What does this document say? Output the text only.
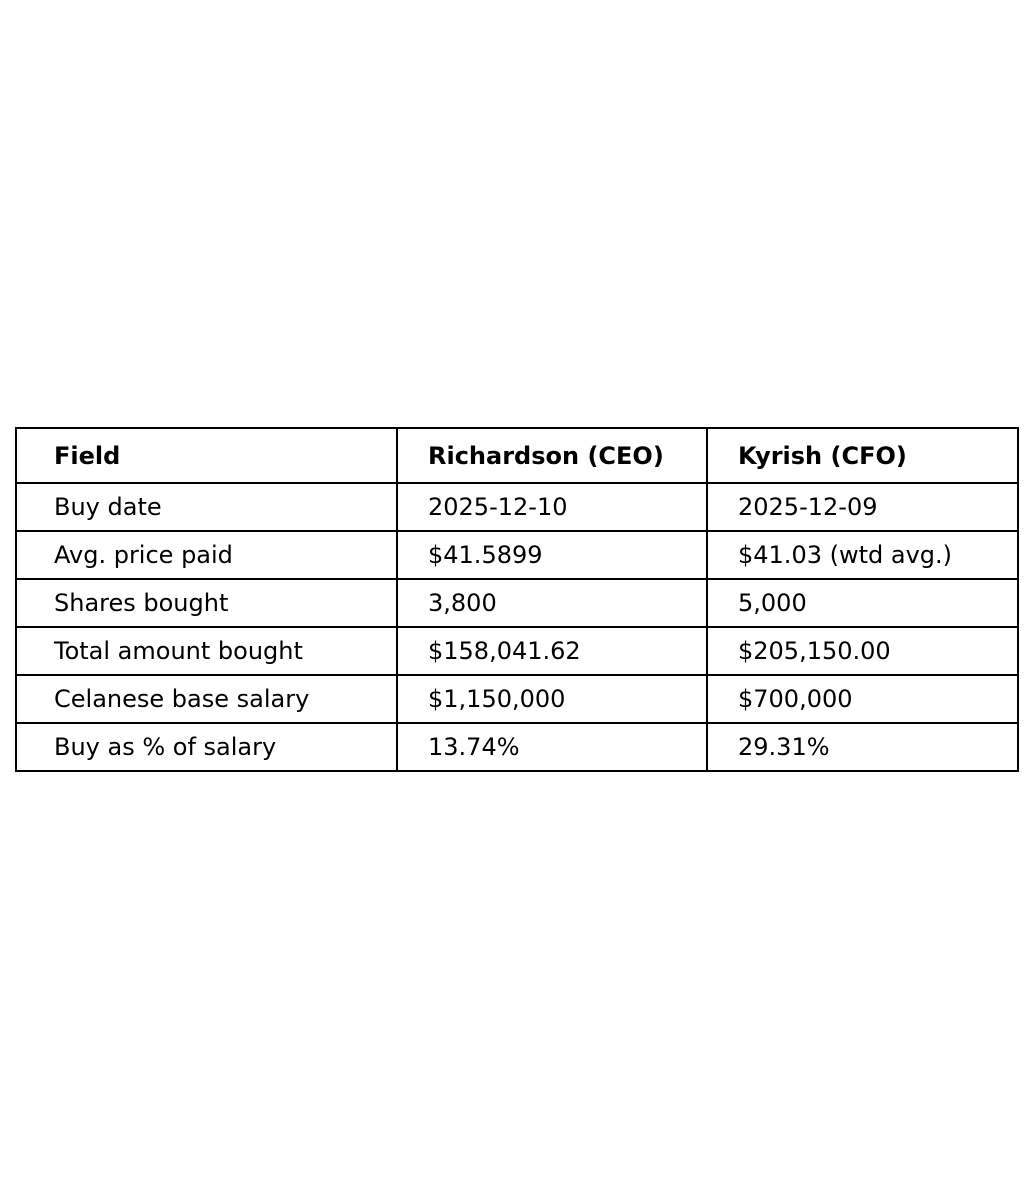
Field	Richardson (CEO)	Kyrish (CFO)
Buy date	2025-12-10	2025-12-09
Avg. price paid	$41.5899	$41.03 (wtd avg.)
Shares bought	3,800	5,000
Total amount bought	$158,041.62	$205,150.00
Celanese base salary	$1,150,000	$700,000
Buy as % of salary	13.74%	29.31%
